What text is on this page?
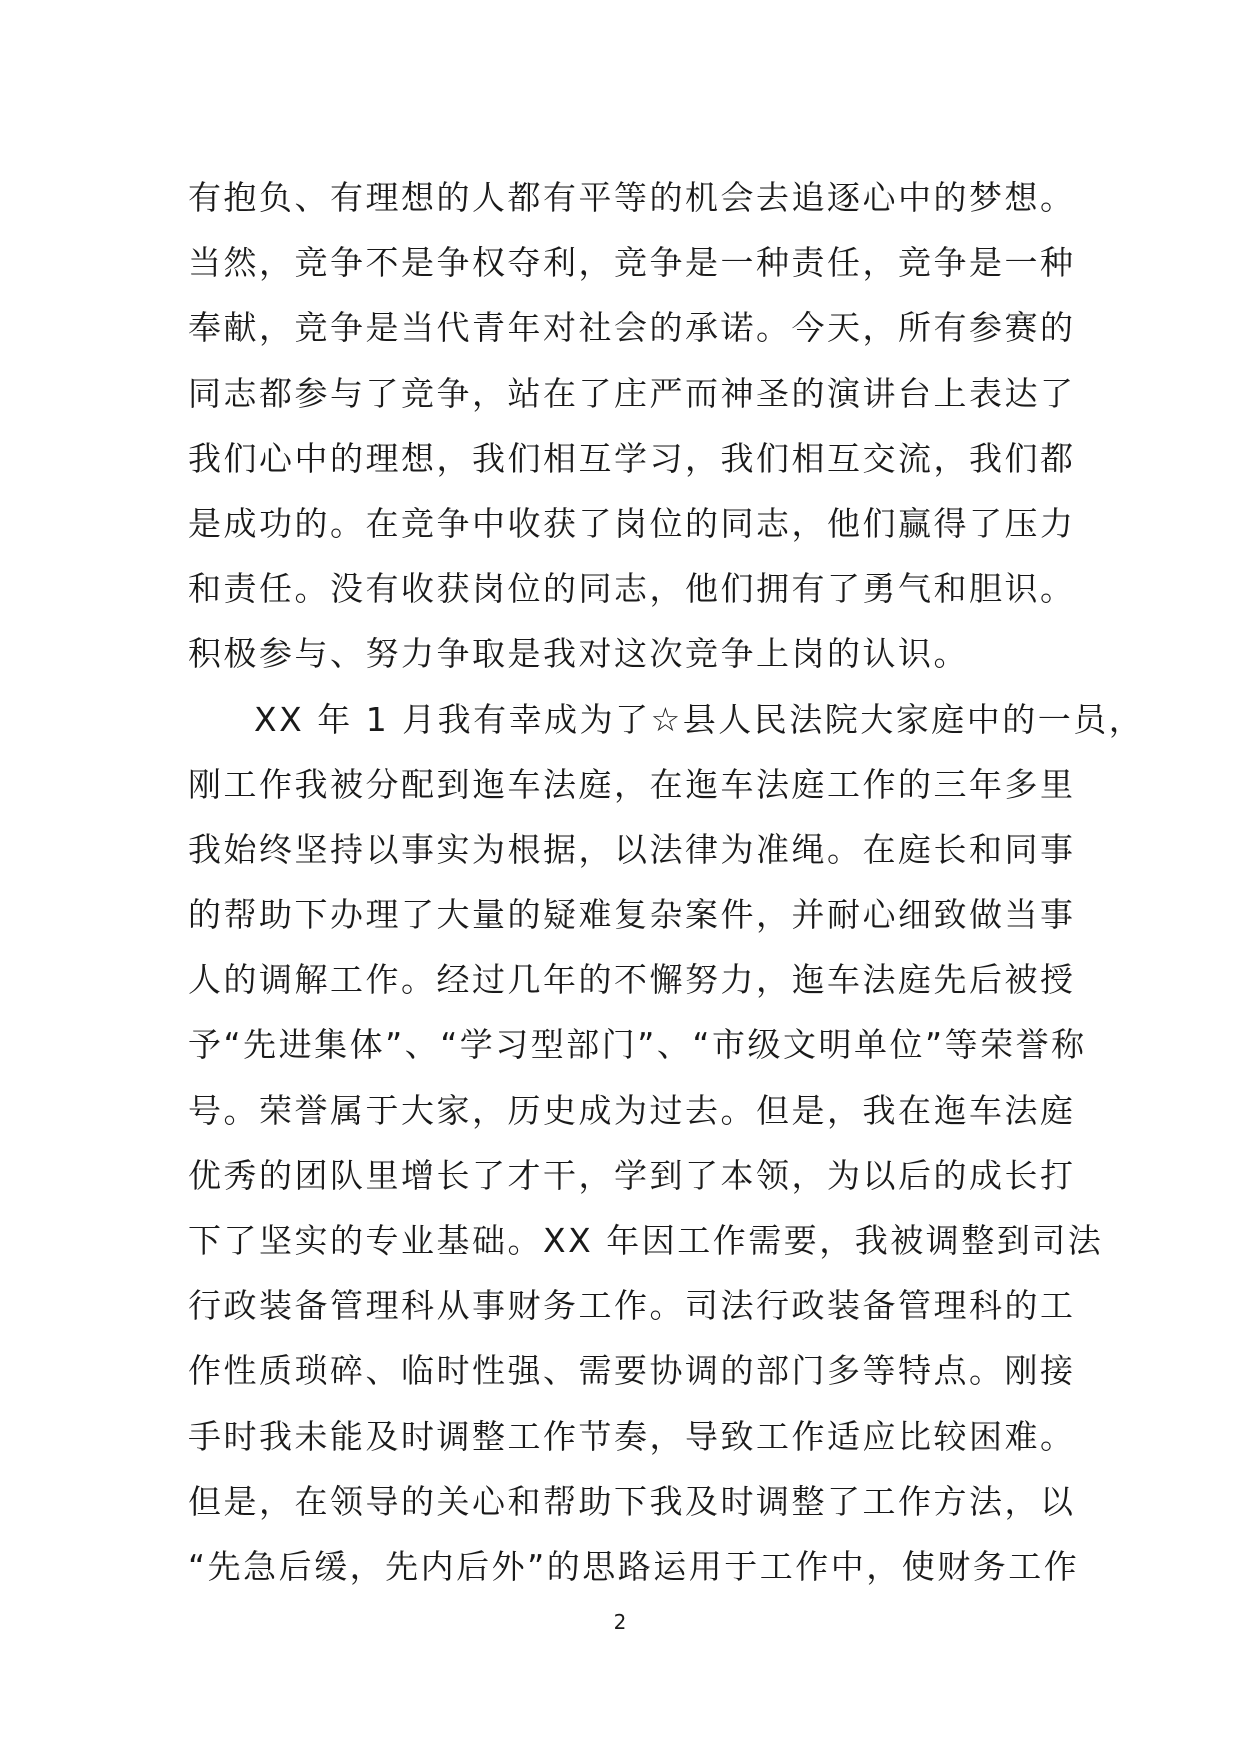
有抱负、有理想的人都有平等的机会去追逐心中的梦想。
当然，竞争不是争权夺利，竞争是一种责任，竞争是一种
奉献，竞争是当代青年对社会的承诺。今天，所有参赛的
同志都参与了竞争，站在了庄严而神圣的演讲台上表达了
我们心中的理想，我们相互学习，我们相互交流，我们都
是成功的。在竞争中收获了岗位的同志，他们赢得了压力
和责任。没有收获岗位的同志，他们拥有了勇气和胆识。
积极参与、努力争取是我对这次竞争上岗的认识。
XX 年 1 月我有幸成为了☆县人民法院大家庭中的一员，
刚工作我被分配到迤车法庭，在迤车法庭工作的三年多里
我始终坚持以事实为根据，以法律为准绳。在庭长和同事
的帮助下办理了大量的疑难复杂案件，并耐心细致做当事
人的调解工作。经过几年的不懈努力，迤车法庭先后被授
予“先进集体”、“学习型部门”、“市级文明单位”等荣誉称
号。荣誉属于大家，历史成为过去。但是，我在迤车法庭
优秀的团队里增长了才干，学到了本领，为以后的成长打
下了坚实的专业基础。XX 年因工作需要，我被调整到司法
行政装备管理科从事财务工作。司法行政装备管理科的工
作性质琐碎、临时性强、需要协调的部门多等特点。刚接
手时我未能及时调整工作节奏，导致工作适应比较困难。
但是，在领导的关心和帮助下我及时调整了工作方法，以
“先急后缓，先内后外”的思路运用于工作中，使财务工作
2
